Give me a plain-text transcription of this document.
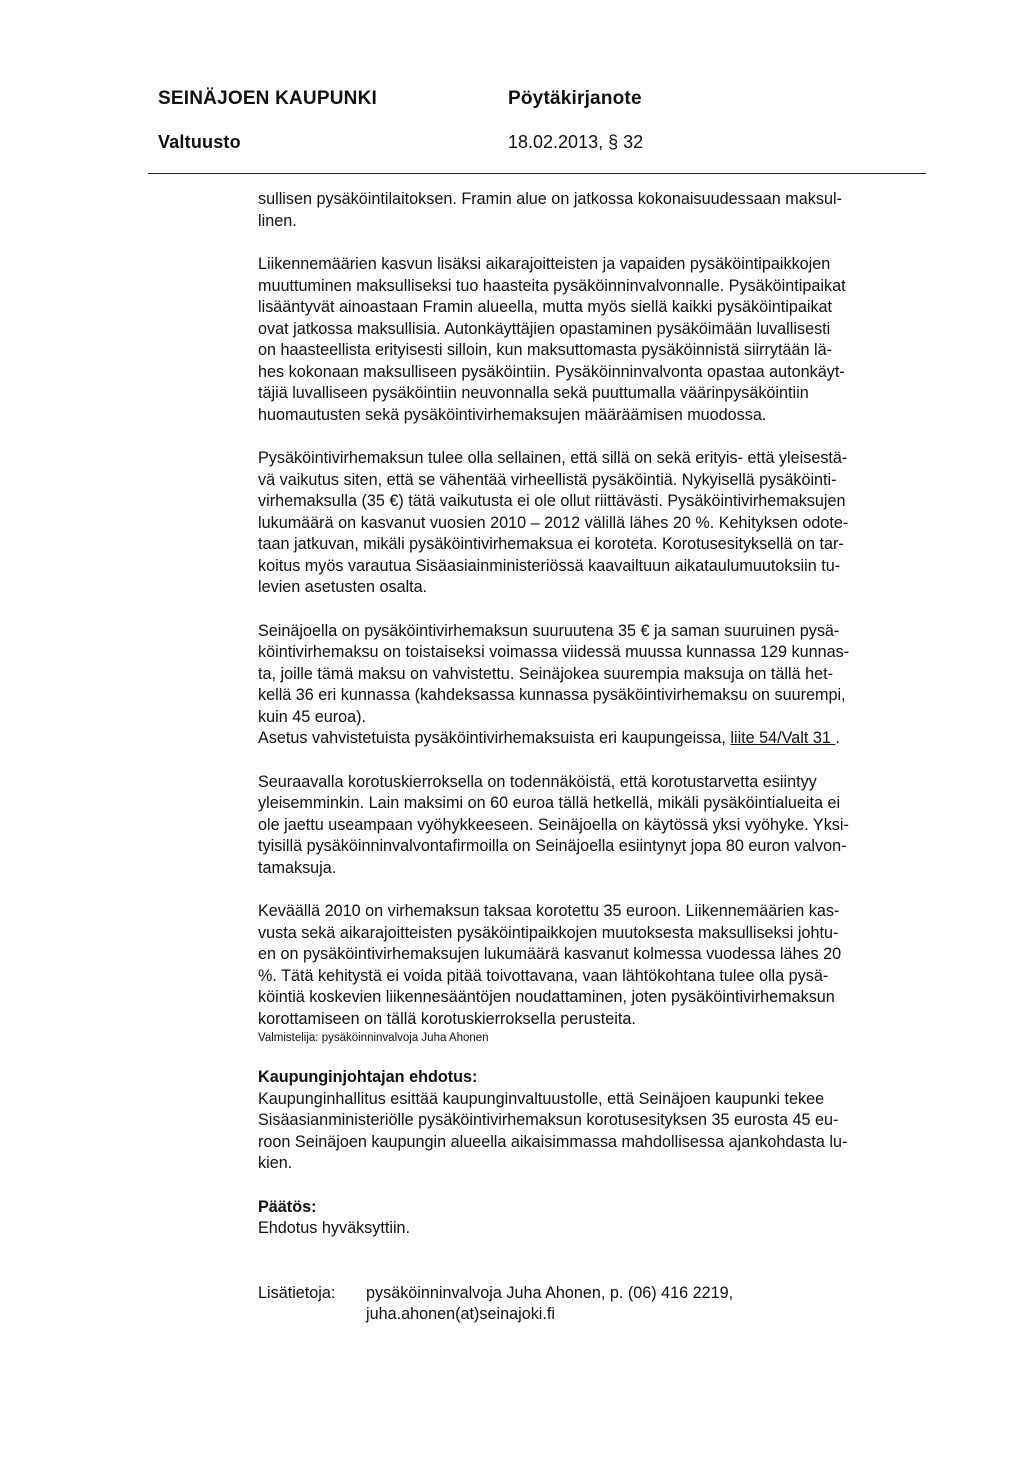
SEINÄJOEN KAUPUNKI	Pöytäkirjanote
Valtuusto	18.02.2013, § 32

sullisen pysäköintilaitoksen. Framin alue on jatkossa kokonaisuudessaan maksul-
linen.

Liikennemäärien kasvun lisäksi aikarajoitteisten ja vapaiden pysäköintipaikkojen
muuttuminen maksulliseksi tuo haasteita pysäköinninvalvonnalle. Pysäköintipaikat
lisääntyvät ainoastaan Framin alueella, mutta myös siellä kaikki pysäköintipaikat
ovat jatkossa maksullisia. Autonkäyttäjien opastaminen pysäköimään luvallisesti
on haasteellista erityisesti silloin, kun maksuttomasta pysäköinnistä siirrytään lä-
hes kokonaan maksulliseen pysäköintiin. Pysäköinninvalvonta opastaa autonkäyt-
täjiä luvalliseen pysäköintiin neuvonnalla sekä puuttumalla väärinpysäköintiin
huomautusten sekä pysäköintivirhemaksujen määräämisen muodossa.

Pysäköintivirhemaksun tulee olla sellainen, että sillä on sekä erityis- että yleisestä-
vä vaikutus siten, että se vähentää virheellistä pysäköintiä. Nykyisellä pysäköinti-
virhemaksulla (35 €) tätä vaikutusta ei ole ollut riittävästi. Pysäköintivirhemaksujen
lukumäärä on kasvanut vuosien 2010 – 2012 välillä lähes 20 %. Kehityksen odote-
taan jatkuvan, mikäli pysäköintivirhemaksua ei koroteta. Korotusesityksellä on tar-
koitus myös varautua Sisäasiainministeriössä kaavailtuun aikataulumuutoksiin tu-
levien asetusten osalta.

Seinäjoella on pysäköintivirhemaksun suuruutena 35 € ja saman suuruinen pysä-
köintivirhemaksu on toistaiseksi voimassa viidessä muussa kunnassa 129 kunnas-
ta, joille tämä maksu on vahvistettu. Seinäjokea suurempia maksuja on tällä het-
kellä 36 eri kunnassa (kahdeksassa kunnassa pysäköintivirhemaksu on suurempi,
kuin 45 euroa).

Asetus vahvistetuista pysäköintivirhemaksuista eri kaupungeissa, liite 54/Valt 31 .

Seuraavalla korotuskierroksella on todennäköistä, että korotustarvetta esiintyy
yleisemminkin. Lain maksimi on 60 euroa tällä hetkellä, mikäli pysäköintialueita ei
ole jaettu useampaan vyöhykkeeseen. Seinäjoella on käytössä yksi vyöhyke. Yksi-
tyisillä pysäköinninvalvontafirmoilla on Seinäjoella esiintynyt jopa 80 euron valvon-
tamaksuja.

Keväällä 2010 on virhemaksun taksaa korotettu 35 euroon. Liikennemäärien kas-
vusta sekä aikarajoitteisten pysäköintipaikkojen muutoksesta maksulliseksi johtu-
en on pysäköintivirhemaksujen lukumäärä kasvanut kolmessa vuodessa lähes 20
%. Tätä kehitystä ei voida pitää toivottavana, vaan lähtökohtana tulee olla pysä-
köintiä koskevien liikennesääntöjen noudattaminen, joten pysäköintivirhemaksun
korottamiseen on tällä korotuskierroksella perusteita.

Valmistelija: pysäköinninvalvoja Juha Ahonen

Kaupunginjohtajan ehdotus:

Kaupunginhallitus esittää kaupunginvaltuustolle, että Seinäjoen kaupunki tekee
Sisäasianministeriölle pysäköintivirhemaksun korotusesityksen 35 eurosta 45 eu-
roon Seinäjoen kaupungin alueella aikaisimmassa mahdollisessa ajankohdasta lu-
kien.

Päätös:

Ehdotus hyväksyttiin.

Lisätietoja:	pysäköinninvalvoja Juha Ahonen, p. (06) 416 2219,
juha.ahonen(at)seinajoki.fi
